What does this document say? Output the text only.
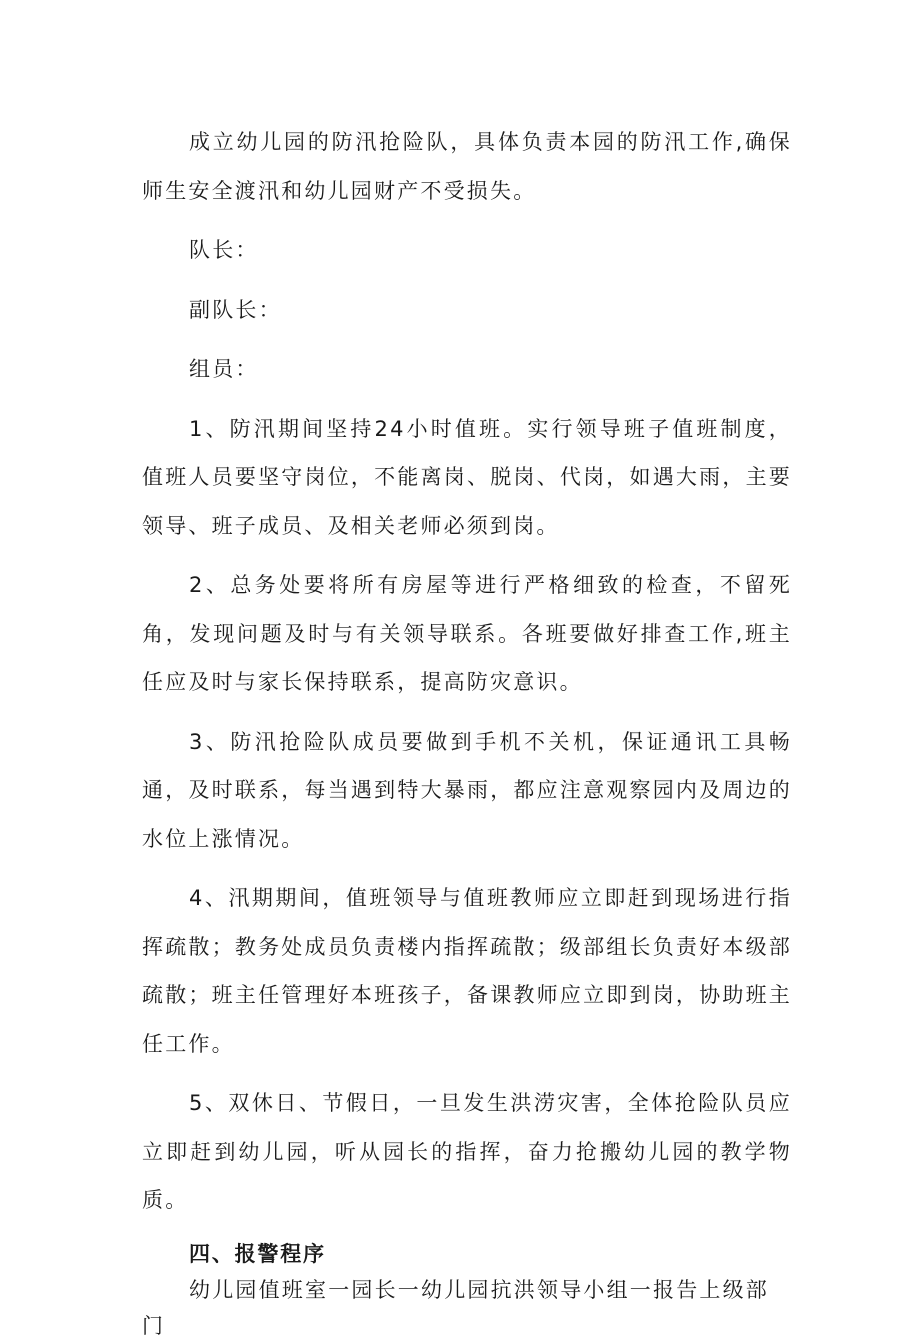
成立幼儿园的防汛抢险队，具体负责本园的防汛工作,确保师生安全渡汛和幼儿园财产不受损失。

队长：

副队长：

组员：

1、防汛期间坚持24小时值班。实行领导班子值班制度，值班人员要坚守岗位，不能离岗、脱岗、代岗，如遇大雨，主要领导、班子成员、及相关老师必须到岗。

2、总务处要将所有房屋等进行严格细致的检查，不留死角，发现问题及时与有关领导联系。各班要做好排查工作,班主任应及时与家长保持联系，提高防灾意识。

3、防汛抢险队成员要做到手机不关机，保证通讯工具畅通，及时联系，每当遇到特大暴雨，都应注意观察园内及周边的水位上涨情况。

4、汛期期间，值班领导与值班教师应立即赶到现场进行指挥疏散；教务处成员负责楼内指挥疏散；级部组长负责好本级部疏散；班主任管理好本班孩子，备课教师应立即到岗，协助班主任工作。

5、双休日、节假日，一旦发生洪涝灾害，全体抢险队员应立即赶到幼儿园，听从园长的指挥，奋力抢搬幼儿园的教学物质。

四、报警程序

幼儿园值班室一园长一幼儿园抗洪领导小组一报告上级部门
